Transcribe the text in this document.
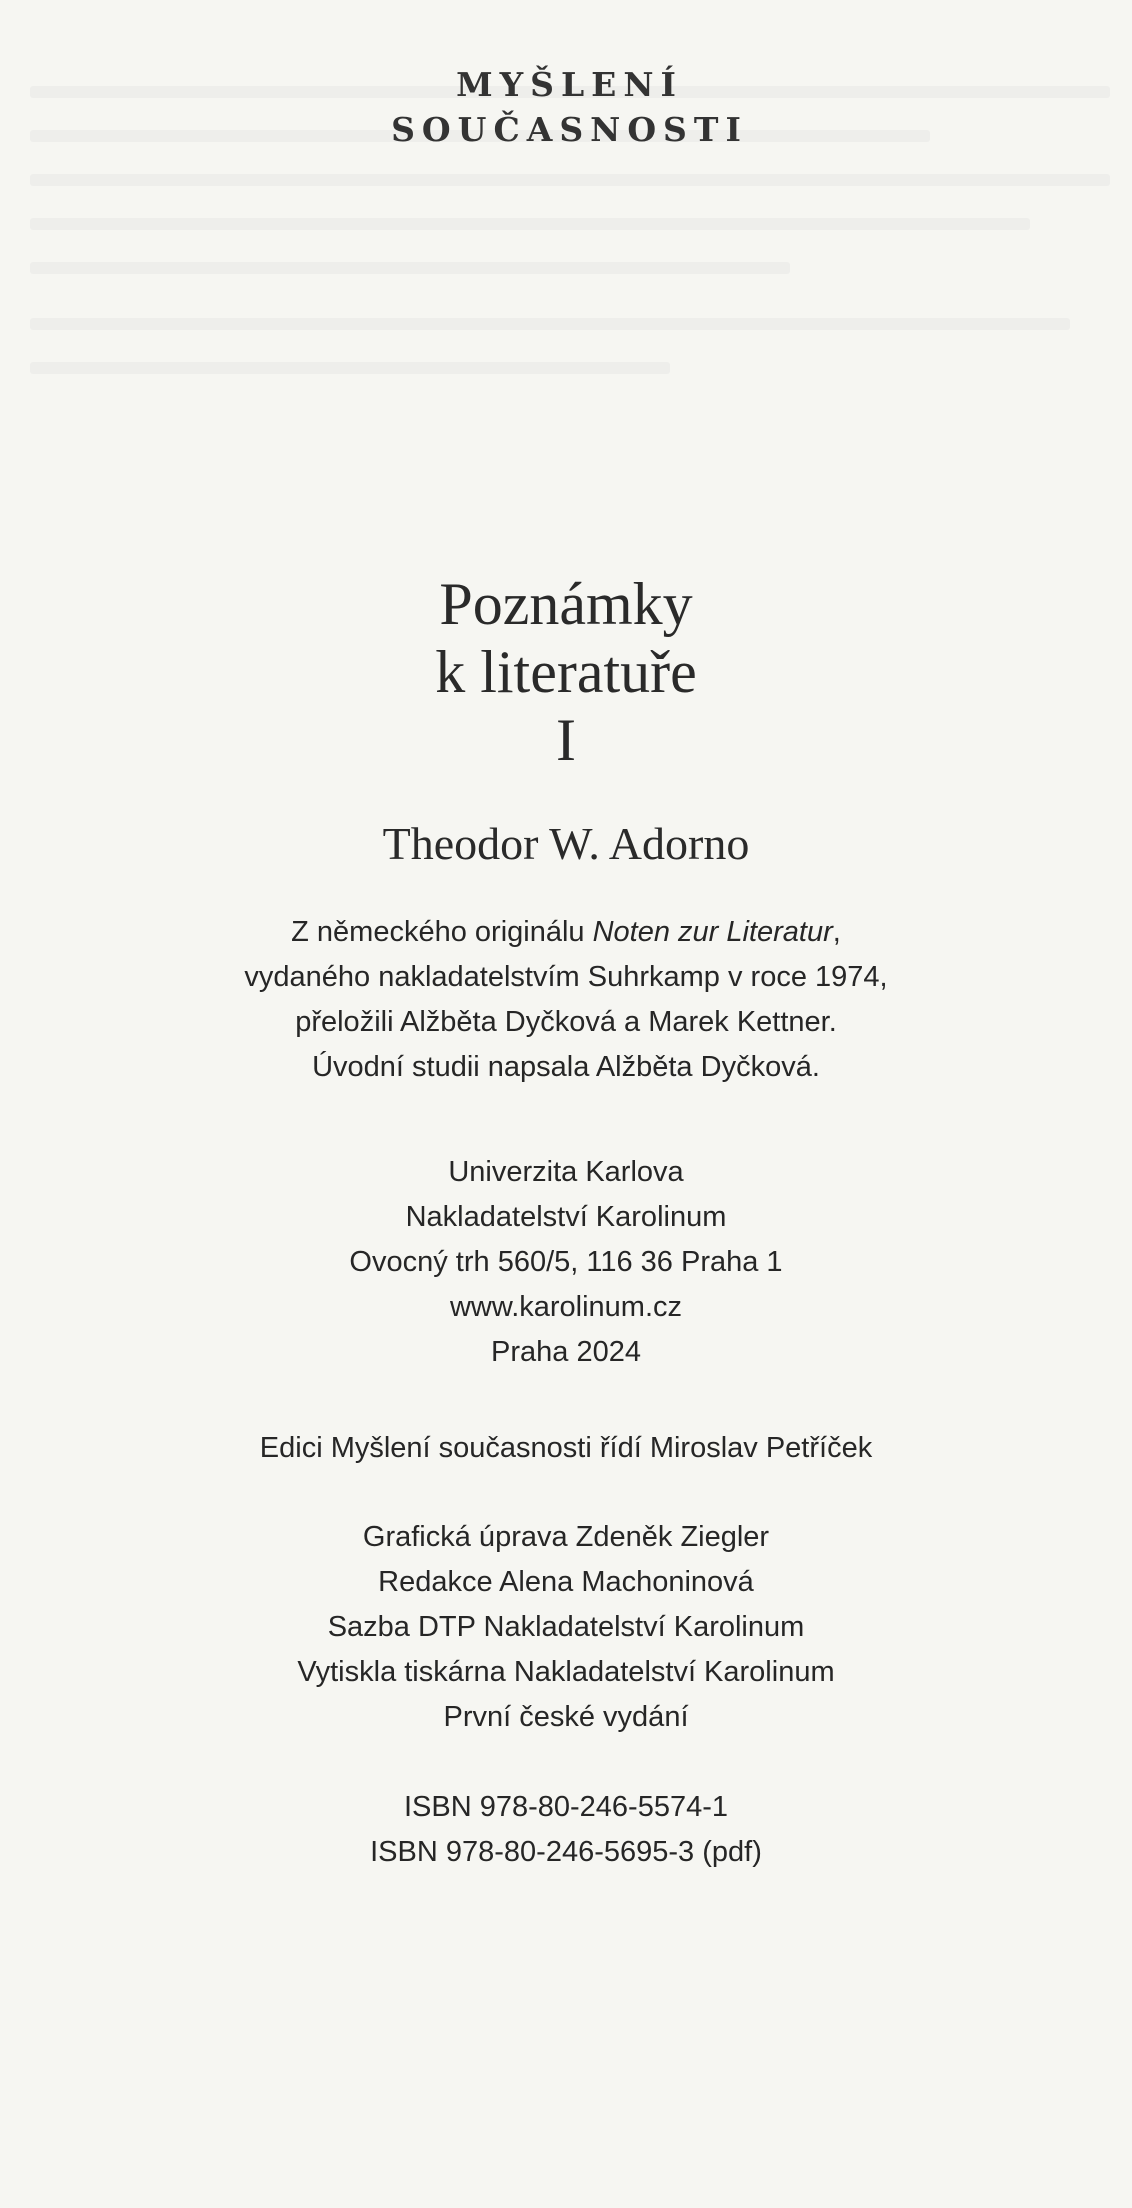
MYŠLENÍ
SOUČASNOSTI
Poznámky
k literatuře
I
Theodor W. Adorno
Z německého originálu Noten zur Literatur,
vydaného nakladatelstvím Suhrkamp v roce 1974,
přeložili Alžběta Dyčková a Marek Kettner.
Úvodní studii napsala Alžběta Dyčková.
Univerzita Karlova
Nakladatelství Karolinum
Ovocný trh 560/5, 116 36 Praha 1
www.karolinum.cz
Praha 2024
Edici Myšlení současnosti řídí Miroslav Petříček
Grafická úprava Zdeněk Ziegler
Redakce Alena Machoninová
Sazba DTP Nakladatelství Karolinum
Vytiskla tiskárna Nakladatelství Karolinum
První české vydání
ISBN 978-80-246-5574-1
ISBN 978-80-246-5695-3 (pdf)
